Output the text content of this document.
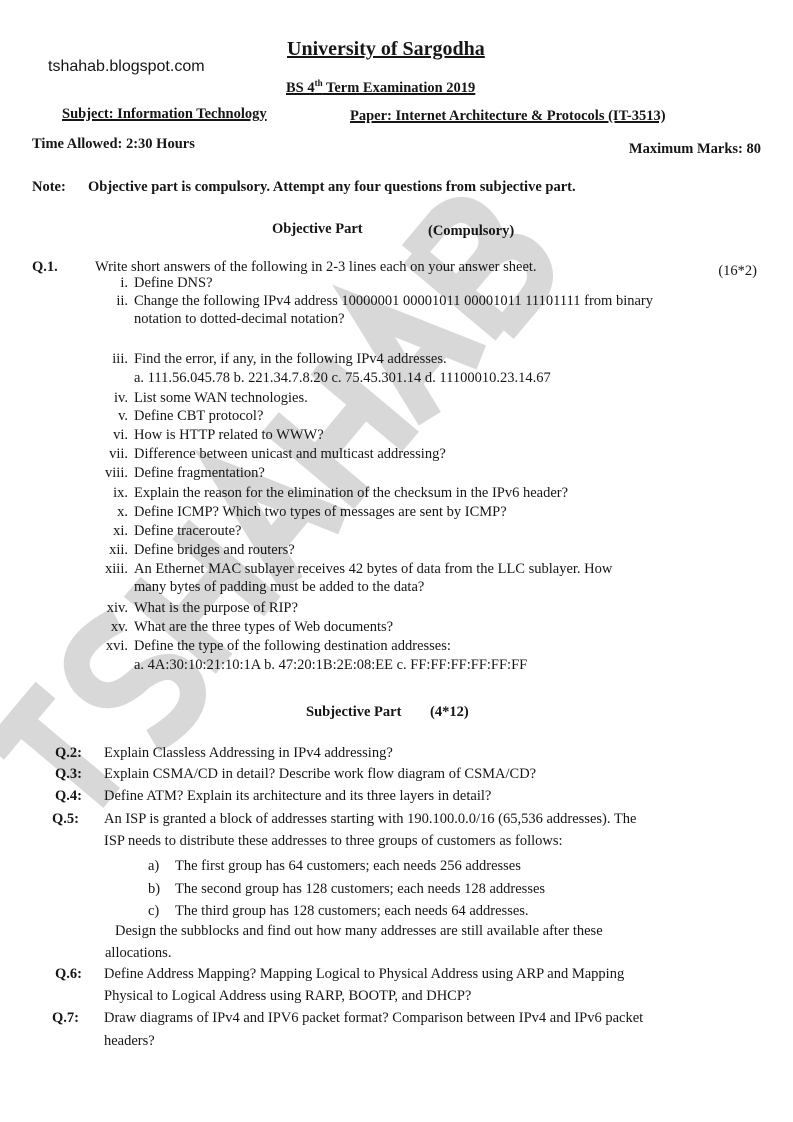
University of Sargodha
tshahab.blogspot.com
BS 4th Term Examination 2019
Subject: Information Technology	Paper: Internet Architecture & Protocols (IT-3513)
Time Allowed: 2:30 Hours	Maximum Marks: 80
Note: Objective part is compulsory. Attempt any four questions from subjective part.
Objective Part	(Compulsory)
Q.1.	Write short answers of the following in 2-3 lines each on your answer sheet.	(16*2)
i. Define DNS?
ii. Change the following IPv4 address 10000001 00001011 00001011 11101111 from binary
notation to dotted-decimal notation?
iii. Find the error, if any, in the following IPv4 addresses.
a. 111.56.045.78 b. 221.34.7.8.20 c. 75.45.301.14 d. 11100010.23.14.67
iv. List some WAN technologies.
v. Define CBT protocol?
vi. How is HTTP related to WWW?
vii. Difference between unicast and multicast addressing?
viii. Define fragmentation?
ix. Explain the reason for the elimination of the checksum in the IPv6 header?
x. Define ICMP? Which two types of messages are sent by ICMP?
xi. Define traceroute?
xii. Define bridges and routers?
xiii. An Ethernet MAC sublayer receives 42 bytes of data from the LLC sublayer. How
many bytes of padding must be added to the data?
xiv. What is the purpose of RIP?
xv. What are the three types of Web documents?
xvi. Define the type of the following destination addresses:
a. 4A:30:10:21:10:1A b. 47:20:1B:2E:08:EE c. FF:FF:FF:FF:FF:FF
Subjective Part (4*12)
Q.2: Explain Classless Addressing in IPv4 addressing?
Q.3: Explain CSMA/CD in detail? Describe work flow diagram of CSMA/CD?
Q.4: Define ATM? Explain its architecture and its three layers in detail?
Q.5: An ISP is granted a block of addresses starting with 190.100.0.0/16 (65,536 addresses). The
ISP needs to distribute these addresses to three groups of customers as follows:
a) The first group has 64 customers; each needs 256 addresses
b) The second group has 128 customers; each needs 128 addresses
c) The third group has 128 customers; each needs 64 addresses.
Design the subblocks and find out how many addresses are still available after these
allocations.
Q.6: Define Address Mapping? Mapping Logical to Physical Address using ARP and Mapping
Physical to Logical Address using RARP, BOOTP, and DHCP?
Q.7: Draw diagrams of IPv4 and IPV6 packet format? Comparison between IPv4 and IPv6 packet
headers?
